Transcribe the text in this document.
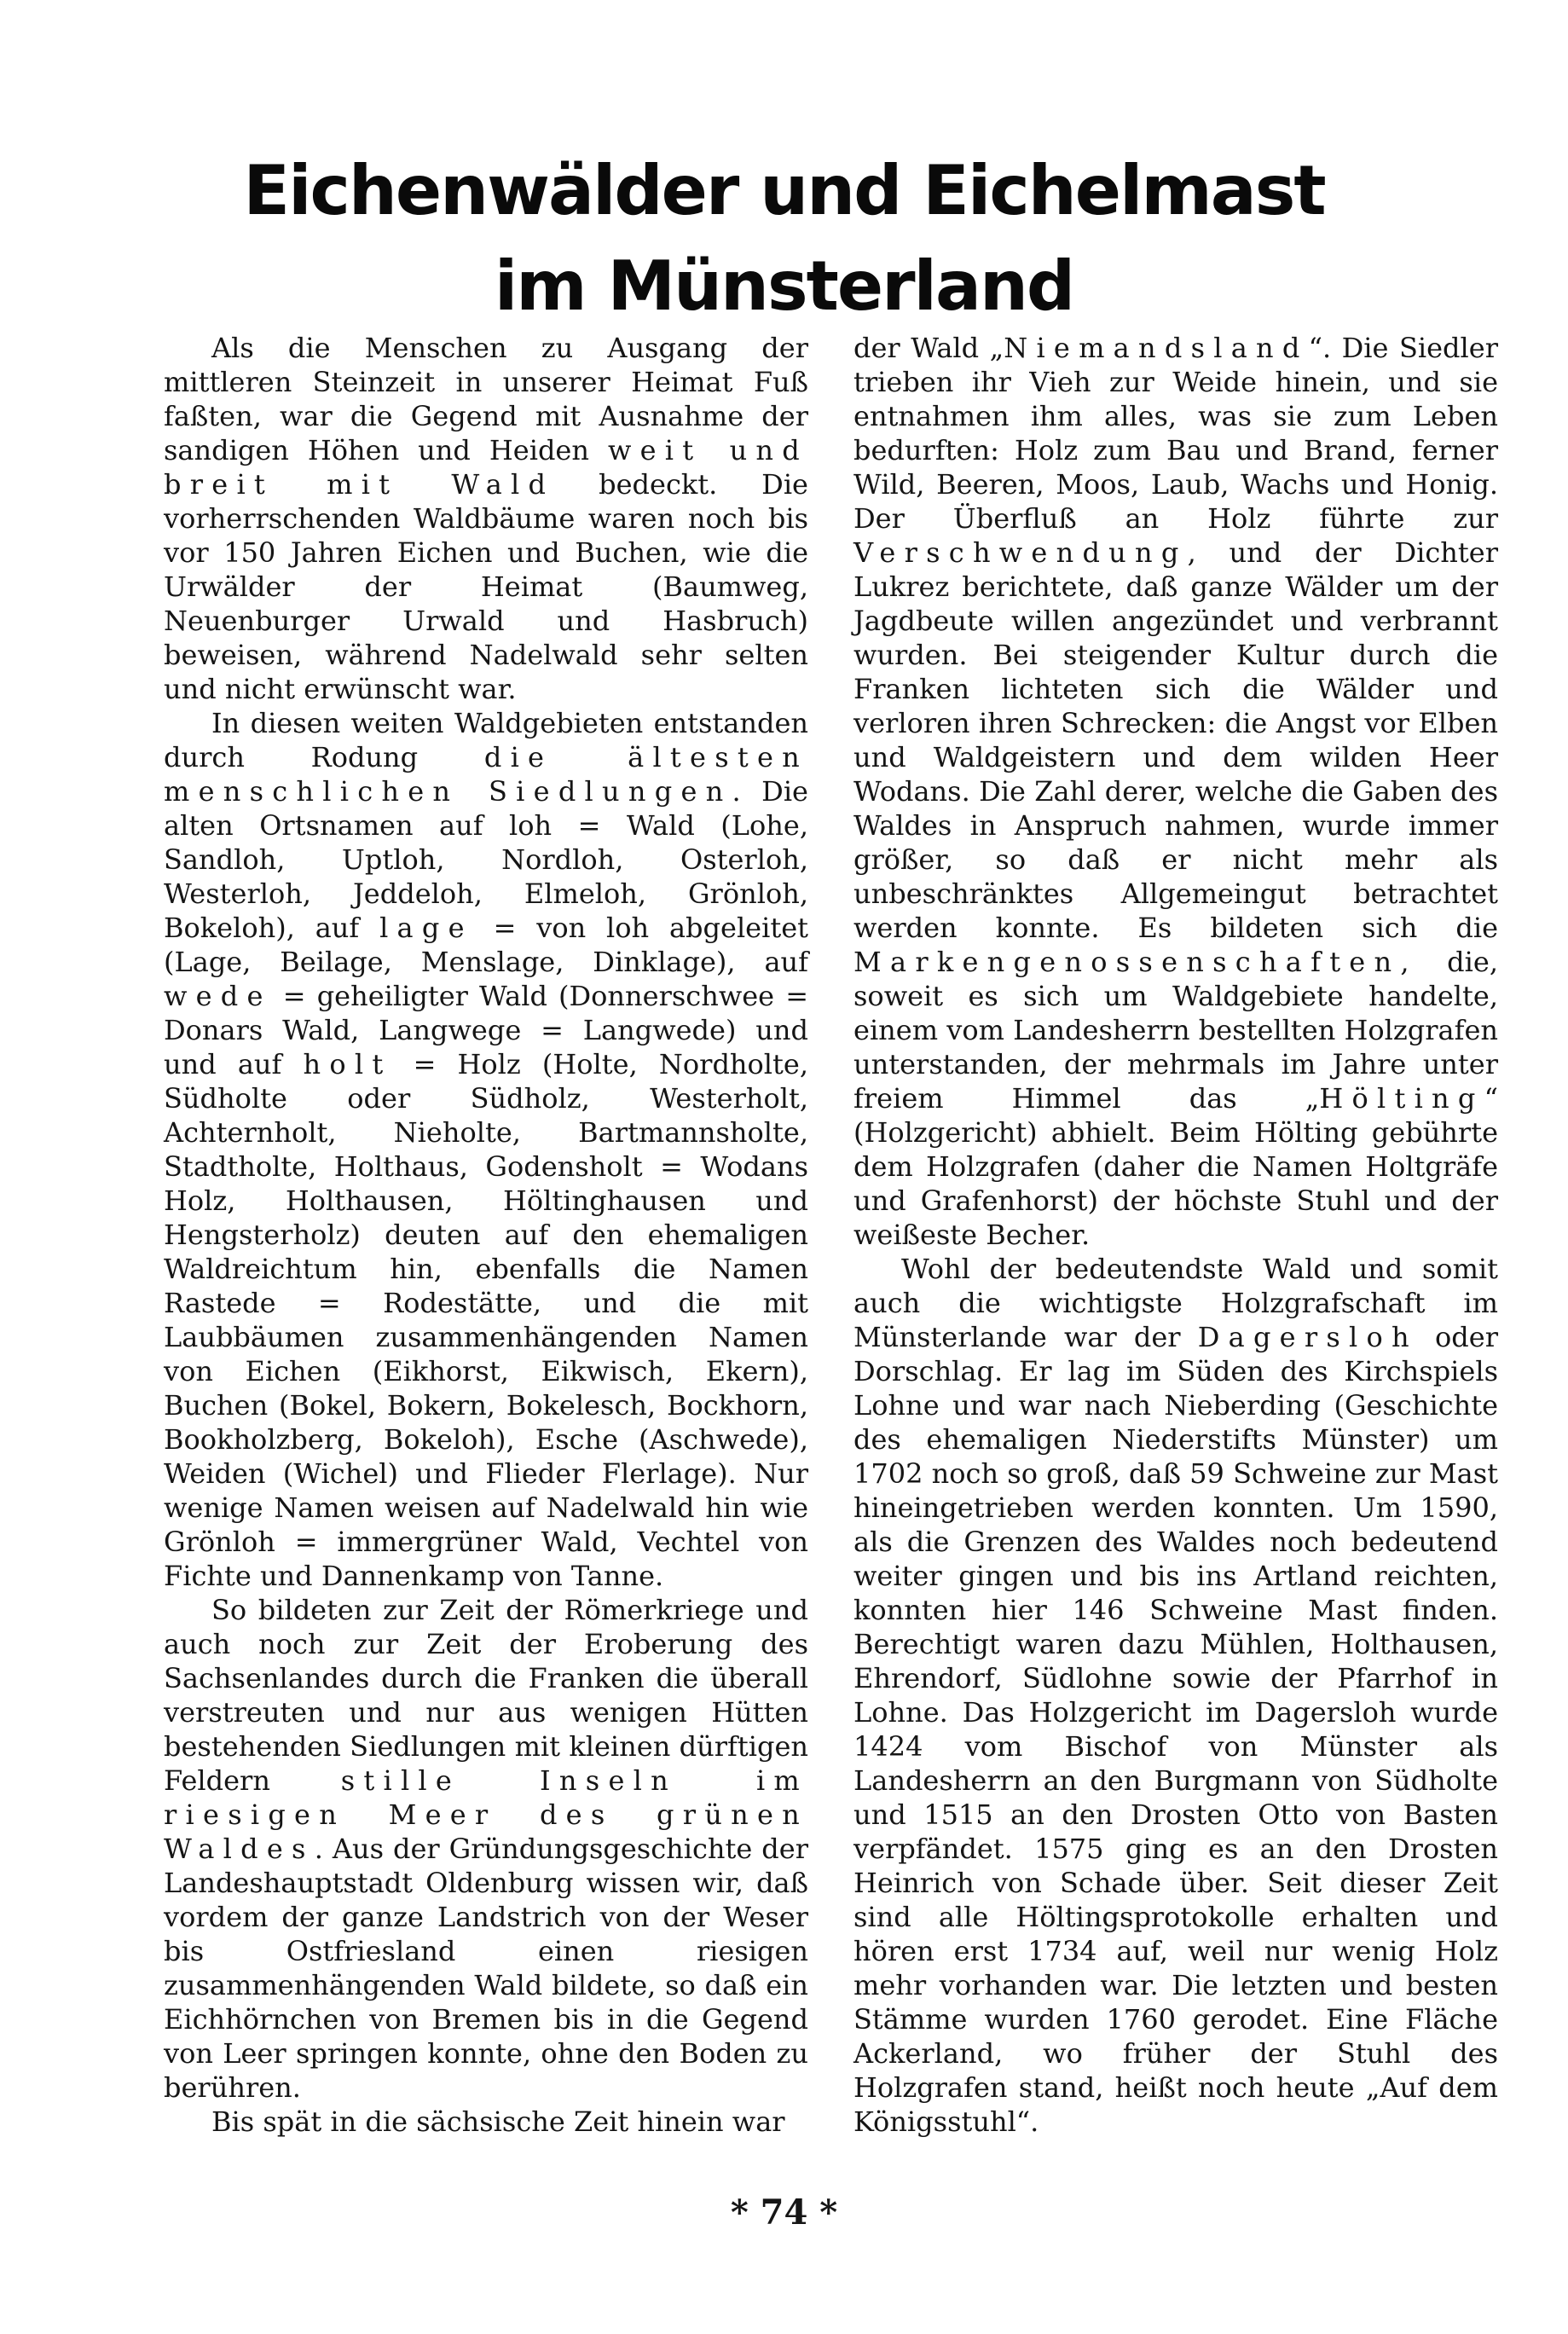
Eichenwälder und Eichelmast
im Münsterland

Als die Menschen zu Ausgang der mittleren Steinzeit in unserer Heimat Fuß faßten, war die Gegend mit Ausnahme der sandigen Höhen und Heiden weit und breit mit Wald bedeckt. Die vorherrschenden Waldbäume waren noch bis vor 150 Jahren Eichen und Buchen, wie die Urwälder der Heimat (Baumweg, Neuenburger Urwald und Hasbruch) beweisen, während Nadelwald sehr selten und nicht erwünscht war.

In diesen weiten Waldgebieten entstanden durch Rodung die ältesten menschlichen Siedlungen. Die alten Ortsnamen auf loh = Wald (Lohe, Sandloh, Uptloh, Nordloh, Osterloh, Westerloh, Jeddeloh, Elmeloh, Grönloh, Bokeloh), auf lage = von loh abgeleitet (Lage, Beilage, Menslage, Dinklage), auf wede = geheiligter Wald (Donnerschwee = Donars Wald, Langwege = Langwede) und und auf holt = Holz (Holte, Nordholte, Südholte oder Südholz, Westerholt, Achternholt, Nieholte, Bartmannsholte, Stadtholte, Holthaus, Godensholt = Wodans Holz, Holthausen, Höltinghausen und Hengsterholz) deuten auf den ehemaligen Waldreichtum hin, ebenfalls die Namen Rastede = Rodestätte, und die mit Laubbäumen zusammenhängenden Namen von Eichen (Eikhorst, Eikwisch, Ekern), Buchen (Bokel, Bokern, Bokelesch, Bockhorn, Bookholzberg, Bokeloh), Esche (Aschwede), Weiden (Wichel) und Flieder Flerlage). Nur wenige Namen weisen auf Nadelwald hin wie Grönloh = immergrüner Wald, Vechtel von Fichte und Dannenkamp von Tanne.

So bildeten zur Zeit der Römerkriege und auch noch zur Zeit der Eroberung des Sachsenlandes durch die Franken die überall verstreuten und nur aus wenigen Hütten bestehenden Siedlungen mit kleinen dürftigen Feldern stille Inseln im riesigen Meer des grünen Waldes. Aus der Gründungsgeschichte der Landeshauptstadt Oldenburg wissen wir, daß vordem der ganze Landstrich von der Weser bis Ostfriesland einen riesigen zusammenhängenden Wald bildete, so daß ein Eichhörnchen von Bremen bis in die Gegend von Leer springen konnte, ohne den Boden zu berühren.

Bis spät in die sächsische Zeit hinein war

der Wald „Niemandsland“. Die Siedler trieben ihr Vieh zur Weide hinein, und sie entnahmen ihm alles, was sie zum Leben bedurften: Holz zum Bau und Brand, ferner Wild, Beeren, Moos, Laub, Wachs und Honig. Der Überfluß an Holz führte zur Verschwendung, und der Dichter Lukrez berichtete, daß ganze Wälder um der Jagdbeute willen angezündet und verbrannt wurden. Bei steigender Kultur durch die Franken lichteten sich die Wälder und verloren ihren Schrecken: die Angst vor Elben und Waldgeistern und dem wilden Heer Wodans. Die Zahl derer, welche die Gaben des Waldes in Anspruch nahmen, wurde immer größer, so daß er nicht mehr als unbeschränktes Allgemeingut betrachtet werden konnte. Es bildeten sich die Markengenossenschaften, die, soweit es sich um Waldgebiete handelte, einem vom Landesherrn bestellten Holzgrafen unterstanden, der mehrmals im Jahre unter freiem Himmel das „Hölting“ (Holzgericht) abhielt. Beim Hölting gebührte dem Holzgrafen (daher die Namen Holtgräfe und Grafenhorst) der höchste Stuhl und der weißeste Becher.

Wohl der bedeutendste Wald und somit auch die wichtigste Holzgrafschaft im Münsterlande war der Dagersloh oder Dorschlag. Er lag im Süden des Kirchspiels Lohne und war nach Nieberding (Geschichte des ehemaligen Niederstifts Münster) um 1702 noch so groß, daß 59 Schweine zur Mast hineingetrieben werden konnten. Um 1590, als die Grenzen des Waldes noch bedeutend weiter gingen und bis ins Artland reichten, konnten hier 146 Schweine Mast finden. Berechtigt waren dazu Mühlen, Holthausen, Ehrendorf, Südlohne sowie der Pfarrhof in Lohne. Das Holzgericht im Dagersloh wurde 1424 vom Bischof von Münster als Landesherrn an den Burgmann von Südholte und 1515 an den Drosten Otto von Basten verpfändet. 1575 ging es an den Drosten Heinrich von Schade über. Seit dieser Zeit sind alle Höltingsprotokolle erhalten und hören erst 1734 auf, weil nur wenig Holz mehr vorhanden war. Die letzten und besten Stämme wurden 1760 gerodet. Eine Fläche Ackerland, wo früher der Stuhl des Holzgrafen stand, heißt noch heute „Auf dem Königsstuhl“.

* 74 *
